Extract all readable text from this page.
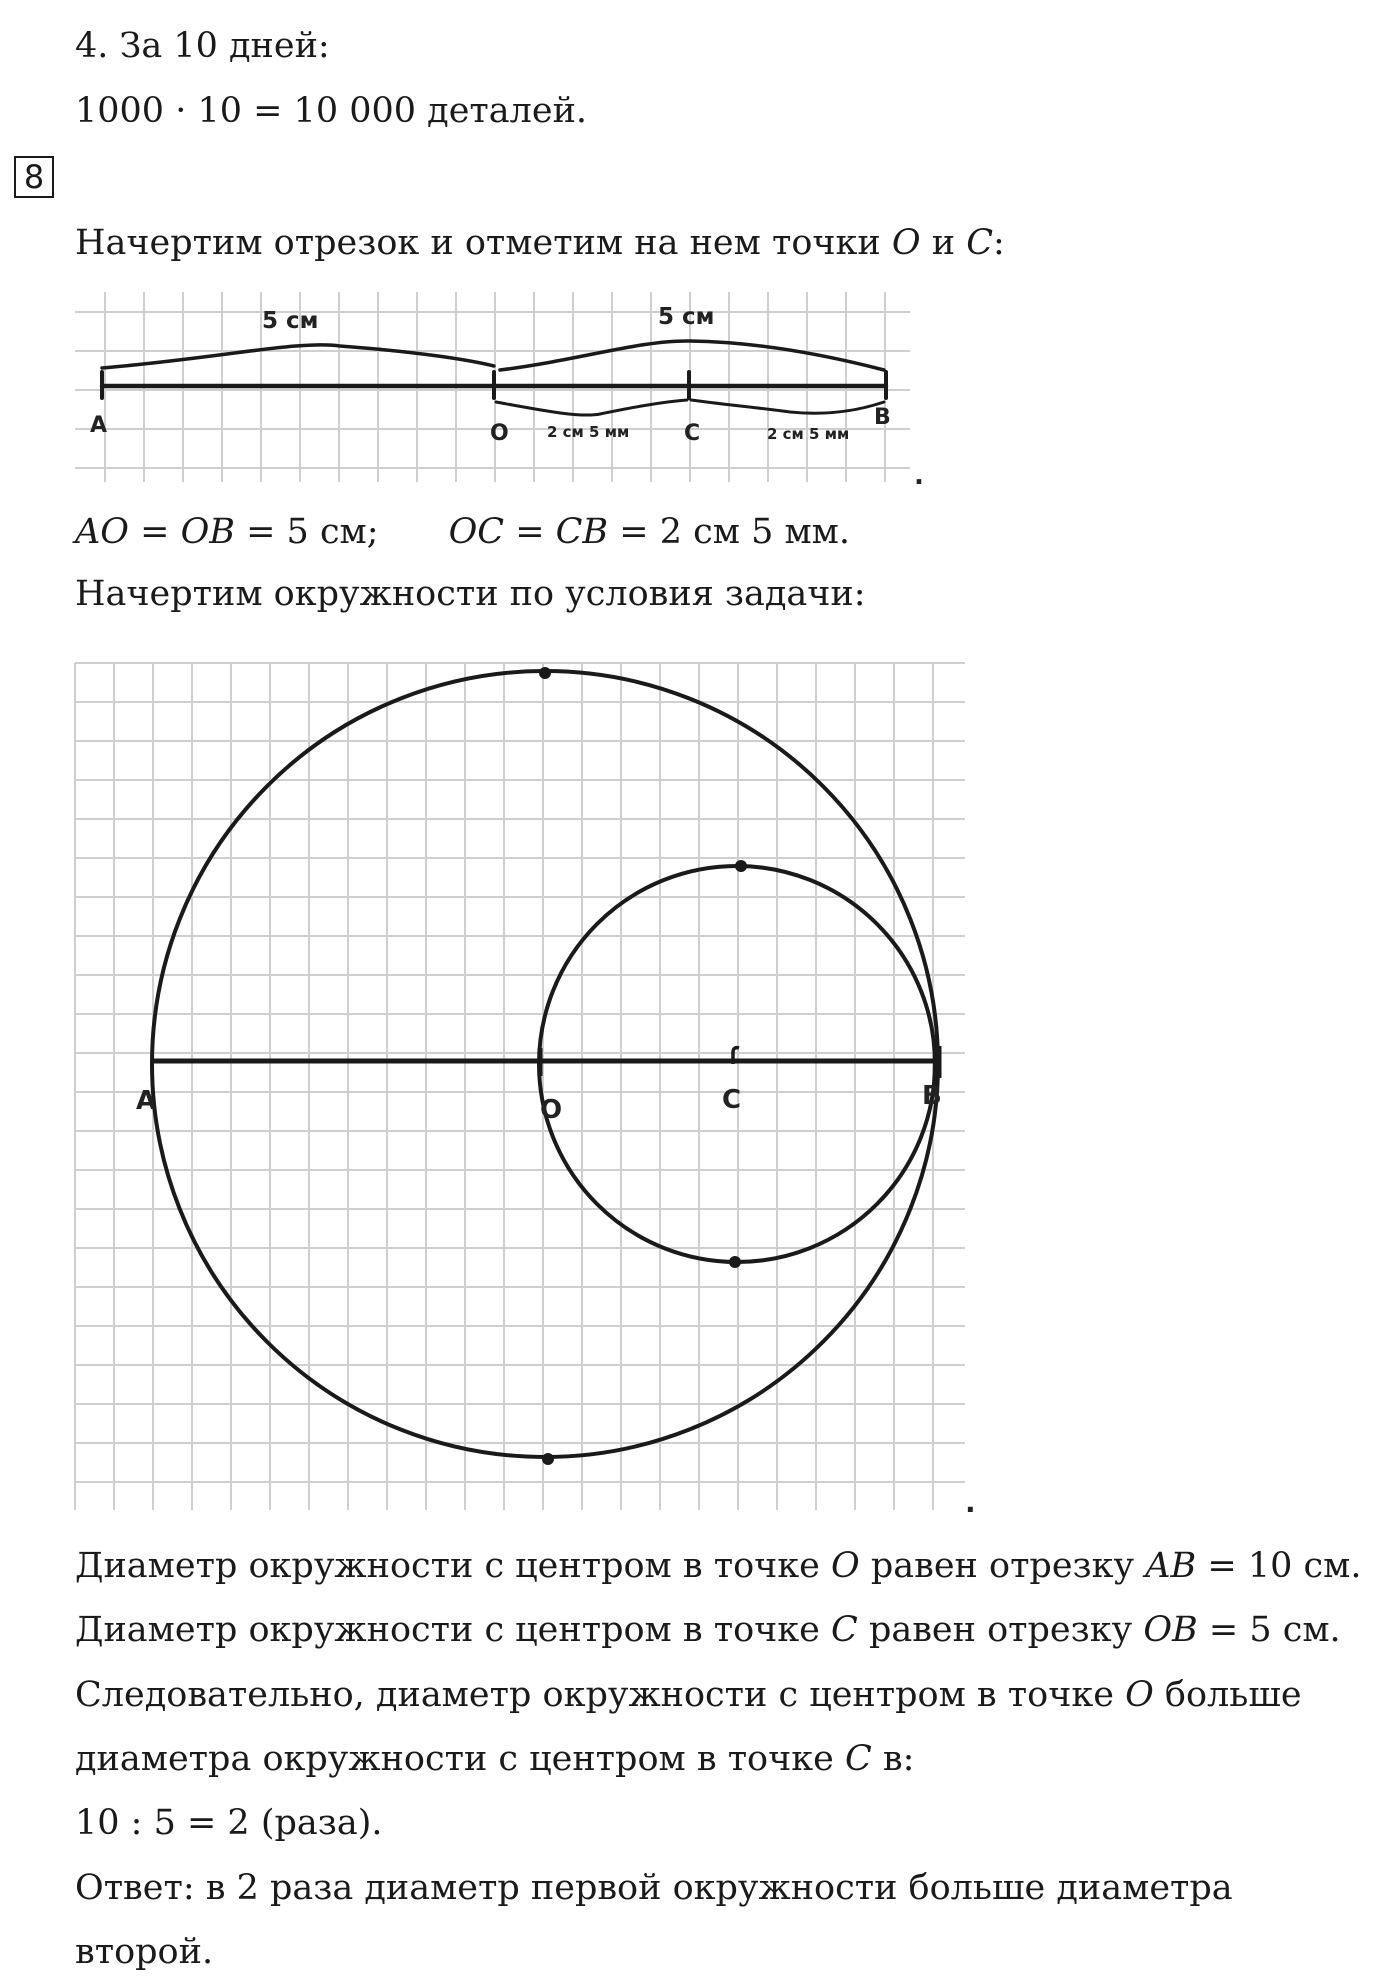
4. За 10 дней:
1000 · 10 = 10 000 деталей.
8
Начертим отрезок и отметим на нем точки O и C:
5 см	5 см
2 см 5 мм	2 см 5 мм
A	O	C
B
.
AO = OB = 5 см; OC = CB = 2 см 5 мм.
Начертим окружности по условия задачи:
A	O	C	B
.
Диаметр окружности с центром в точке O равен отрезку AB = 10 см.
Диаметр окружности с центром в точке C равен отрезку OB = 5 см.
Следовательно, диаметр окружности с центром в точке O больше
диаметра окружности с центром в точке C в:
10 : 5 = 2 (раза).
Ответ: в 2 раза диаметр первой окружности больше диаметра
второй.
